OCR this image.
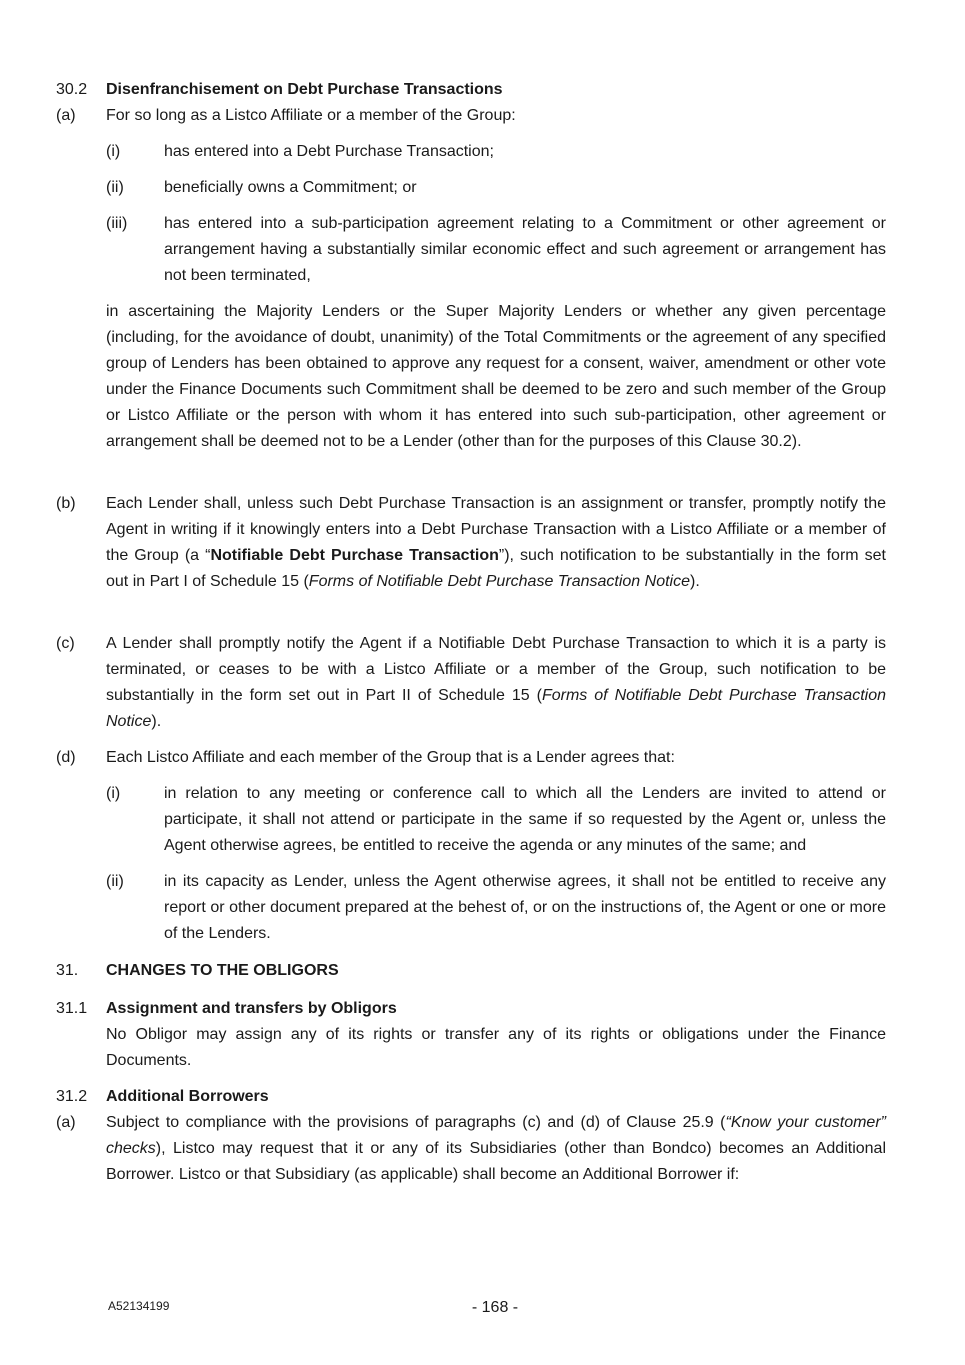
30.2 Disenfranchisement on Debt Purchase Transactions
(a) For so long as a Listco Affiliate or a member of the Group:
(i)	has entered into a Debt Purchase Transaction;
(ii)	beneficially owns a Commitment; or
(iii) has entered into a sub-participation agreement relating to a Commitment or other agreement or arrangement having a substantially similar economic effect and such agreement or arrangement has not been terminated,
in ascertaining the Majority Lenders or the Super Majority Lenders or whether any given percentage (including, for the avoidance of doubt, unanimity) of the Total Commitments or the agreement of any specified group of Lenders has been obtained to approve any request for a consent, waiver, amendment or other vote under the Finance Documents such Commitment shall be deemed to be zero and such member of the Group or Listco Affiliate or the person with whom it has entered into such sub-participation, other agreement or arrangement shall be deemed not to be a Lender (other than for the purposes of this Clause 30.2).
(b) Each Lender shall, unless such Debt Purchase Transaction is an assignment or transfer, promptly notify the Agent in writing if it knowingly enters into a Debt Purchase Transaction with a Listco Affiliate or a member of the Group (a “Notifiable Debt Purchase Transaction”), such notification to be substantially in the form set out in Part I of Schedule 15 (Forms of Notifiable Debt Purchase Transaction Notice).
(c) A Lender shall promptly notify the Agent if a Notifiable Debt Purchase Transaction to which it is a party is terminated, or ceases to be with a Listco Affiliate or a member of the Group, such notification to be substantially in the form set out in Part II of Schedule 15 (Forms of Notifiable Debt Purchase Transaction Notice).
(d) Each Listco Affiliate and each member of the Group that is a Lender agrees that:
(i)	in relation to any meeting or conference call to which all the Lenders are invited to attend or participate, it shall not attend or participate in the same if so requested by the Agent or, unless the Agent otherwise agrees, be entitled to receive the agenda or any minutes of the same; and
(ii)	in its capacity as Lender, unless the Agent otherwise agrees, it shall not be entitled to receive any report or other document prepared at the behest of, or on the instructions of, the Agent or one or more of the Lenders.
31. CHANGES TO THE OBLIGORS
31.1 Assignment and transfers by Obligors
No Obligor may assign any of its rights or transfer any of its rights or obligations under the Finance Documents.
31.2 Additional Borrowers
(a) Subject to compliance with the provisions of paragraphs (c) and (d) of Clause 25.9 (“Know your customer” checks), Listco may request that it or any of its Subsidiaries (other than Bondco) becomes an Additional Borrower. Listco or that Subsidiary (as applicable) shall become an Additional Borrower if:
A52134199	- 168 -
